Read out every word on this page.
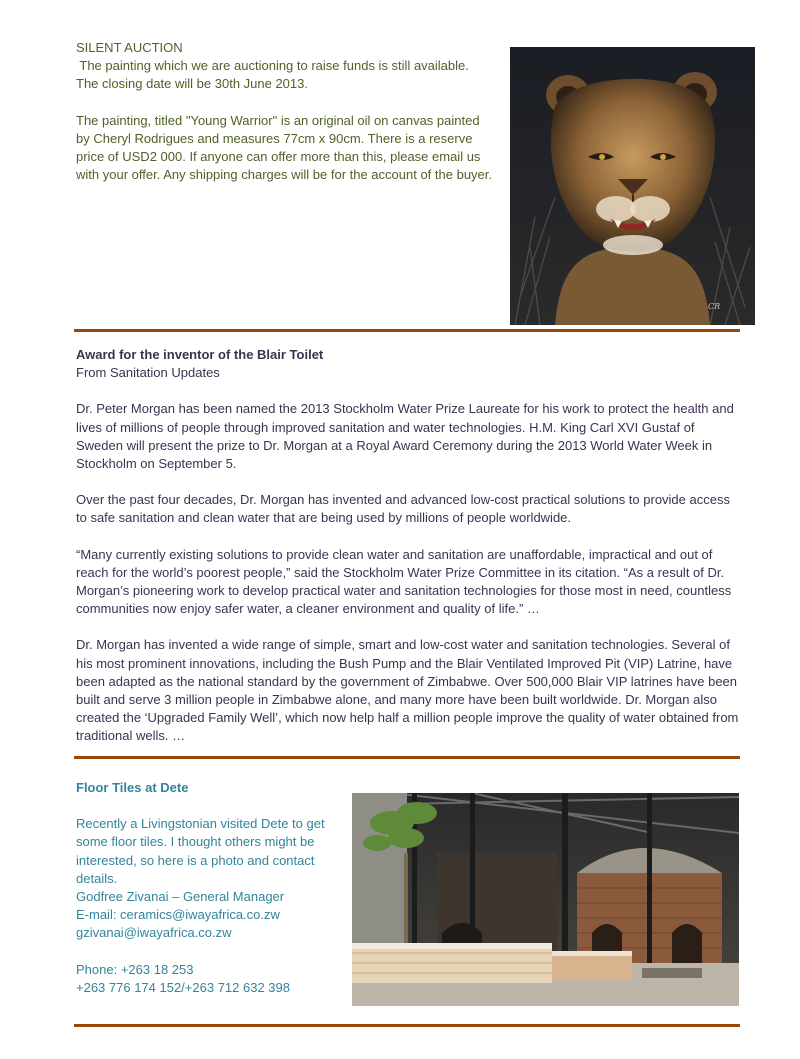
SILENT AUCTION

The painting which we are auctioning to raise funds is still available.

The closing date will be 30th June 2013.

The painting, titled "Young Warrior" is an original oil on canvas painted by Cheryl Rodrigues and measures 77cm x 90cm. There is a reserve price of USD2 000. If anyone can offer more than this, please email us with your offer. Any shipping charges will be for the account of the buyer.

CR

Award for the inventor of the Blair Toilet

From Sanitation Updates

Dr. Peter Morgan has been named the 2013 Stockholm Water Prize Laureate for his work to protect the health and lives of millions of people through improved sanitation and water technologies. H.M. King Carl XVI Gustaf of Sweden will present the prize to Dr. Morgan at a Royal Award Ceremony during the 2013 World Water Week in Stockholm on September 5.

Over the past four decades, Dr. Morgan has invented and advanced low-cost practical solutions to provide access to safe sanitation and clean water that are being used by millions of people worldwide.

“Many currently existing solutions to provide clean water and sanitation are unaffordable, impractical and out of reach for the world’s poorest people,” said the Stockholm Water Prize Committee in its citation. “As a result of Dr. Morgan’s pioneering work to develop practical water and sanitation technologies for those most in need, countless communities now enjoy safer water, a cleaner environment and quality of life.” …

Dr. Morgan has invented a wide range of simple, smart and low-cost water and sanitation technologies. Several of his most prominent innovations, including the Bush Pump and the Blair Ventilated Improved Pit (VIP) Latrine, have been adapted as the national standard by the government of Zimbabwe. Over 500,000 Blair VIP latrines have been built and serve 3 million people in Zimbabwe alone, and many more have been built worldwide. Dr. Morgan also created the ‘Upgraded Family Well’, which now help half a million people improve the quality of water obtained from traditional wells. …

Floor Tiles at Dete

Recently a Livingstonian visited Dete to get some floor tiles. I thought others might be interested, so here is a photo and contact details.

Godfree Zivanai – General Manager

E-mail: ceramics@iwayafrica.co.zw

gzivanai@iwayafrica.co.zw

Phone: +263 18 253

+263 776 174 152/+263 712 632 398
